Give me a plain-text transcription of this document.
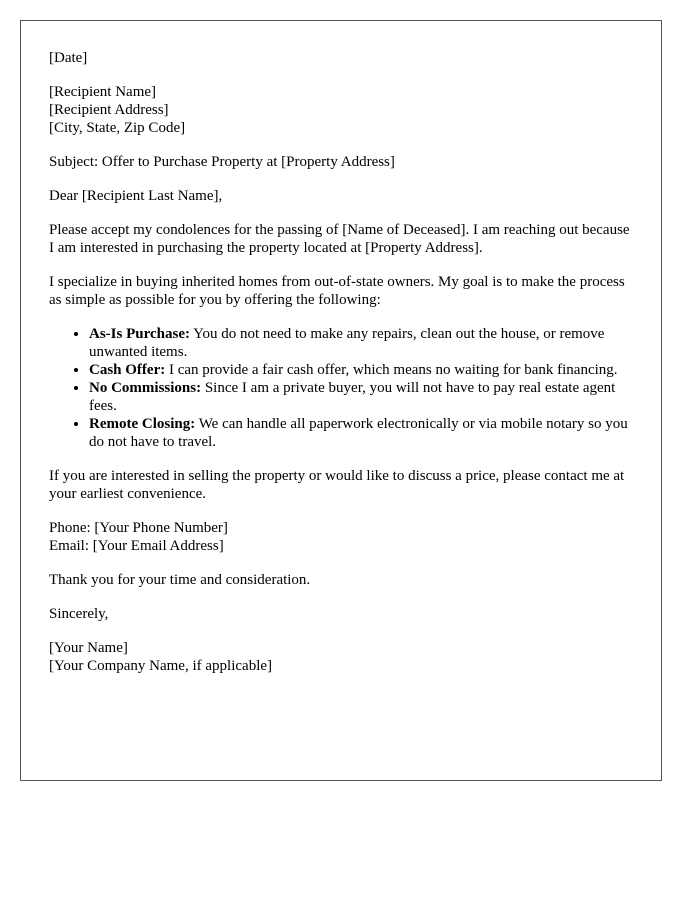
[Date]

[Recipient Name]
[Recipient Address]
[City, State, Zip Code]

Subject: Offer to Purchase Property at [Property Address]

Dear [Recipient Last Name],

Please accept my condolences for the passing of [Name of Deceased]. I am reaching out because I am interested in purchasing the property located at [Property Address].

I specialize in buying inherited homes from out-of-state owners. My goal is to make the process as simple as possible for you by offering the following:

• As-Is Purchase: You do not need to make any repairs, clean out the house, or remove unwanted items.
• Cash Offer: I can provide a fair cash offer, which means no waiting for bank financing.
• No Commissions: Since I am a private buyer, you will not have to pay real estate agent fees.
• Remote Closing: We can handle all paperwork electronically or via mobile notary so you do not have to travel.

If you are interested in selling the property or would like to discuss a price, please contact me at your earliest convenience.

Phone: [Your Phone Number]
Email: [Your Email Address]

Thank you for your time and consideration.

Sincerely,

[Your Name]
[Your Company Name, if applicable]
